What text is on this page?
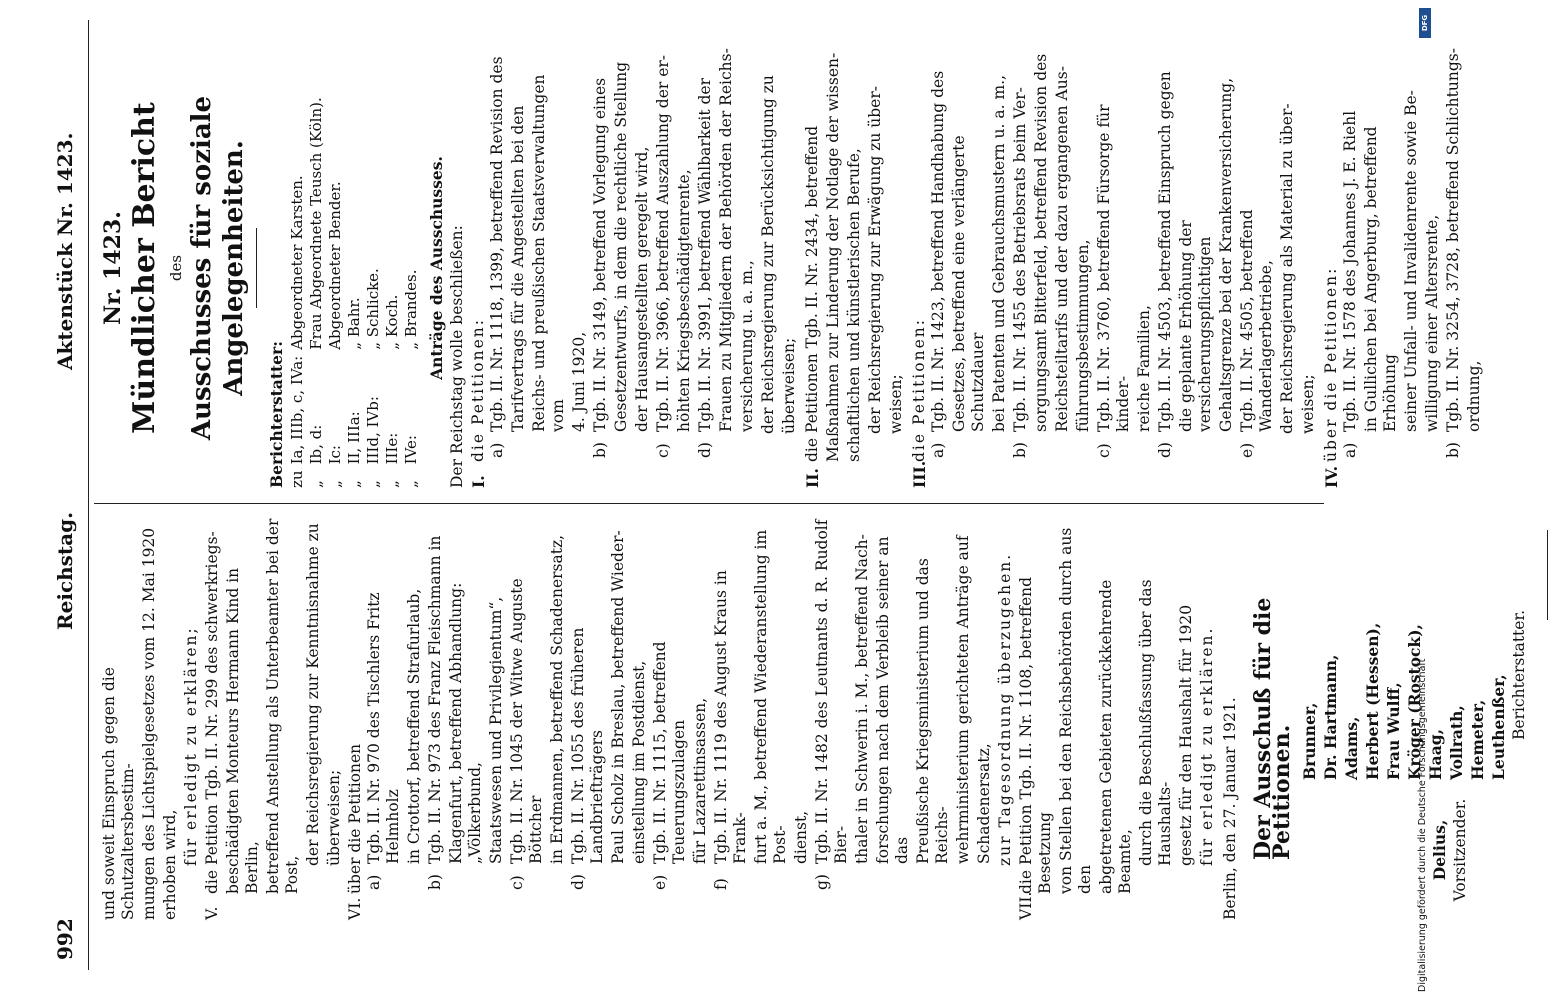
992
Reichstag.
Aktenstück Nr. 1423.

und soweit Einspruch gegen die Schutzaltersbestim- mungen des Lichtspielgesetzes vom 12. Mai 1920 erhoben wird, für erledigt zu erklären;

V.

die Petition Tgb. II. Nr. 299 des schwerkriegs- beschädigten Monteurs Hermann Kind in Berlin, betreffend Anstellung als Unterbeamter bei der Post,

der Reichsregierung zur Kenntnisnahme zu überweisen;

VI.
über die Petitionen a)

Tgb. II. Nr. 970 des Tischlers Fritz Helmholz in Crottorf, betreffend Strafurlaub,

b)

Tgb. II. Nr. 973 des Franz Fleischmann in Klagenfurt, betreffend Abhandlung: „Völkerbund, Staatswesen und Privilegientum“,

c)

Tgb. II. Nr. 1045 der Witwe Auguste Böttcher in Erdmannen, betreffend Schadenersatz,

d)

Tgb. II. Nr. 1055 des früheren Landbriefträgers Paul Scholz in Breslau, betreffend Wieder- einstellung im Postdienst,

e)

Tgb. II. Nr. 1115, betreffend Teuerungszulagen für Lazarettinsassen,

f)

Tgb. II. Nr. 1119 des August Kraus in Frank- furt a. M., betreffend Wiederanstellung im Post- dienst,

g)

Tgb. II. Nr. 1482 des Leutnants d. R. Rudolf Bier- thaler in Schwerin i. M., betreffend Nach- forschungen nach dem Verbleib seiner an das Preußische Kriegsministerium und das Reichs- wehrministerium gerichteten Anträge auf Schadenersatz, zur Tagesordnung überzugehen.

VII.

die Petition Tgb. II. Nr. 1108, betreffend Besetzung von Stellen bei den Reichsbehörden durch aus den abgetretenen Gebieten zurückkehrende Beamte, durch die Beschlußfassung über das Haushalts- gesetz für den Haushalt für 1920 für erledigt zu erklären. Berlin, den 27. Januar 1921. Der Ausschuß für die Petitionen.	Delius, Vorsitzender.

Brunner, Dr. Hartmann, Adams, Herbert (Hessen), Frau Wulff, Kröger (Rostock), Haag, Vollrath, Hemeter, Leuthenßer, Berichterstatter.

Nr. 1423. Mündlicher Bericht des Ausschusses für soziale Angelegenheiten.

Berichterstatter: zu	Ia, IIIb, c, IVa:	Abgeordneter Karsten.
„	Ib, d:	Frau Abgeordnete Teusch (Köln).
„	Ic:	Abgeordneter Bender.
„	II, IIIa:	„ Bahr.
„	IIId, IVb:	„ Schlicke.
„	IIIe:	„ Koch.
„	IVe:	„ Brandes. Anträge des Ausschusses. Der Reichstag wolle beschließen: I.
die Petitionen: a)

Tgb. II. Nr. 1118, 1399, betreffend Revision des Tarifvertrags für die Angestellten bei den Reichs- und preußischen Staatsverwaltungen vom 4. Juni 1920,

b)

Tgb. II. Nr. 3149, betreffend Vorlegung eines Gesetzentwurfs, in dem die rechtliche Stellung der Hausangestellten geregelt wird,

c)

Tgb. II. Nr. 3966, betreffend Auszahlung der er- höhten Kriegsbeschädigtenrente,

d)

Tgb. II. Nr. 3991, betreffend Wählbarkeit der Frauen zu Mitgliedern der Behörden der Reichs- versicherung u. a. m., der Reichsregierung zur Berücksichtigung zu überweisen;

II.

die Petitionen Tgb. II. Nr. 2434, betreffend Maßnahmen zur Linderung der Notlage der wissen- schaftlichen und künstlerischen Berufe, der Reichsregierung zur Erwägung zu über- weisen;

III.
die Petitionen: a)

Tgb. II. Nr. 1423, betreffend Handhabung des Gesetzes, betreffend eine verlängerte Schutzdauer bei Patenten und Gebrauchsmustern u. a. m.,

b)

Tgb. II. Nr. 1455 des Betriebsrats beim Ver- sorgungsamt Bitterfeld, betreffend Revision des Reichsteiltarifs und der dazu ergangenen Aus- führungsbestimmungen,

c)

Tgb. II. Nr. 3760, betreffend Fürsorge für kinder- reiche Familien,

d)

Tgb. II. Nr. 4503, betreffend Einspruch gegen die geplante Erhöhung der versicherungspflichtigen Gehaltsgrenze bei der Krankenversicherung,

e)

Tgb. II. Nr. 4505, betreffend Wanderlagerbetriebe, der Reichsregierung als Material zu über- weisen;

IV.
über die Petitionen: a)

Tgb. II. Nr. 1578 des Johannes J. E. Riehl in Gullichen bei Angerburg, betreffend Erhöhung seiner Unfall- und Invalidenrente sowie Be- willigung einer Altersrente,

b)

Tgb. II. Nr. 3254, 3728, betreffend Schlichtungs- ordnung,

DFG
Digitalisierung gefördert durch die Deutsche Forschungsgemeinschaft
